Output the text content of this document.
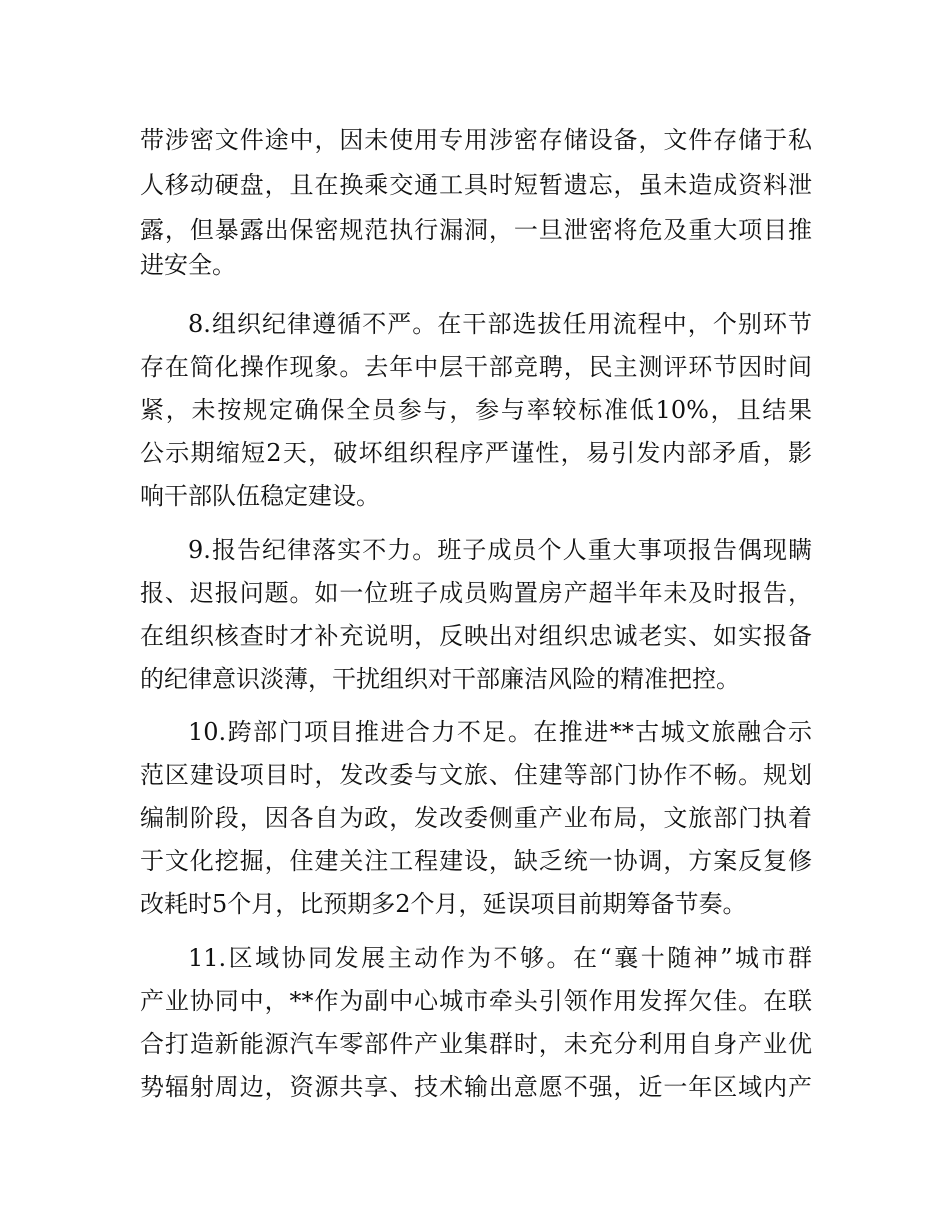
带涉密文件途中，因未使用专用涉密存储设备，文件存储于私
人移动硬盘，且在换乘交通工具时短暂遗忘，虽未造成资料泄
露，但暴露出保密规范执行漏洞，一旦泄密将危及重大项目推
进安全。
8.组织纪律遵循不严。在干部选拔任用流程中，个别环节
存在简化操作现象。去年中层干部竞聘，民主测评环节因时间
紧，未按规定确保全员参与，参与率较标准低10%，且结果
公示期缩短2天，破坏组织程序严谨性，易引发内部矛盾，影
响干部队伍稳定建设。
9.报告纪律落实不力。班子成员个人重大事项报告偶现瞒
报、迟报问题。如一位班子成员购置房产超半年未及时报告，
在组织核查时才补充说明，反映出对组织忠诚老实、如实报备
的纪律意识淡薄，干扰组织对干部廉洁风险的精准把控。
10.跨部门项目推进合力不足。在推进**古城文旅融合示
范区建设项目时，发改委与文旅、住建等部门协作不畅。规划
编制阶段，因各自为政，发改委侧重产业布局，文旅部门执着
于文化挖掘，住建关注工程建设，缺乏统一协调，方案反复修
改耗时5个月，比预期多2个月，延误项目前期筹备节奏。
11.区域协同发展主动作为不够。在“襄十随神”城市群
产业协同中，**作为副中心城市牵头引领作用发挥欠佳。在联
合打造新能源汽车零部件产业集群时，未充分利用自身产业优
势辐射周边，资源共享、技术输出意愿不强，近一年区域内产
